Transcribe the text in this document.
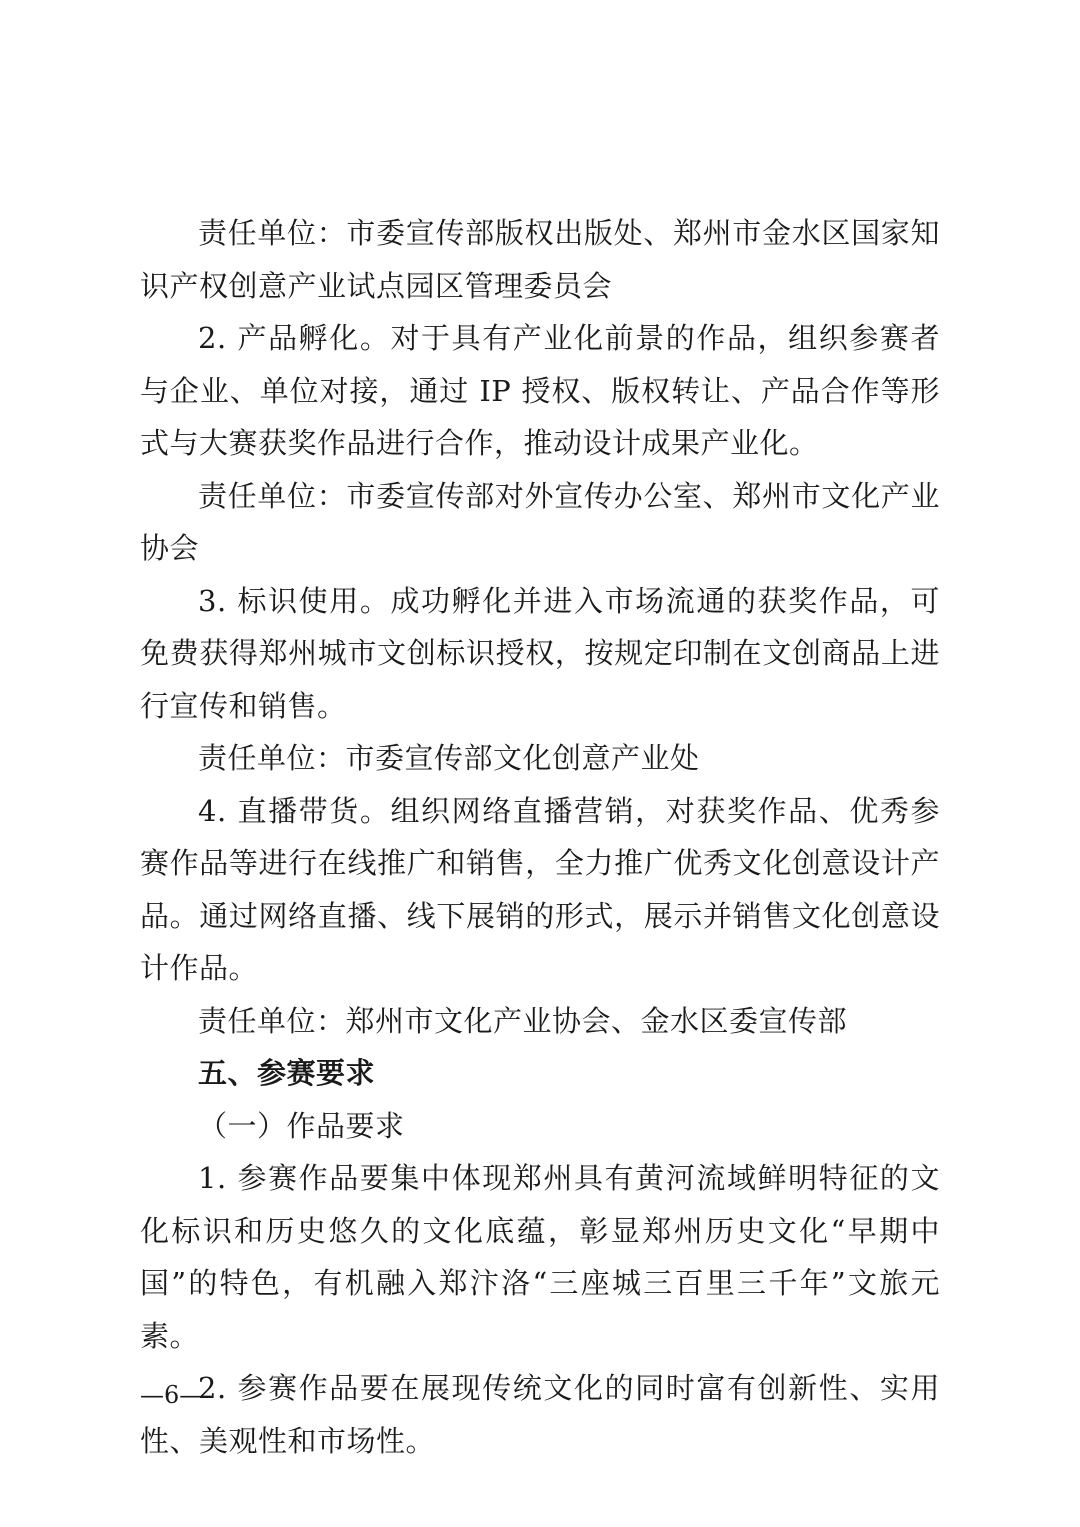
责任单位：市委宣传部版权出版处、郑州市金水区国家知识产权创意产业试点园区管理委员会

2. 产品孵化。对于具有产业化前景的作品，组织参赛者与企业、单位对接，通过 IP 授权、版权转让、产品合作等形式与大赛获奖作品进行合作，推动设计成果产业化。

责任单位：市委宣传部对外宣传办公室、郑州市文化产业协会

3. 标识使用。成功孵化并进入市场流通的获奖作品，可免费获得郑州城市文创标识授权，按规定印制在文创商品上进行宣传和销售。

责任单位：市委宣传部文化创意产业处

4. 直播带货。组织网络直播营销，对获奖作品、优秀参赛作品等进行在线推广和销售，全力推广优秀文化创意设计产品。通过网络直播、线下展销的形式，展示并销售文化创意设计作品。

责任单位：郑州市文化产业协会、金水区委宣传部

五、参赛要求

（一）作品要求

1. 参赛作品要集中体现郑州具有黄河流域鲜明特征的文化标识和历史悠久的文化底蕴，彰显郑州历史文化“早期中国”的特色，有机融入郑汴洛“三座城三百里三千年”文旅元素。

2. 参赛作品要在展现传统文化的同时富有创新性、实用性、美观性和市场性。

—6—
